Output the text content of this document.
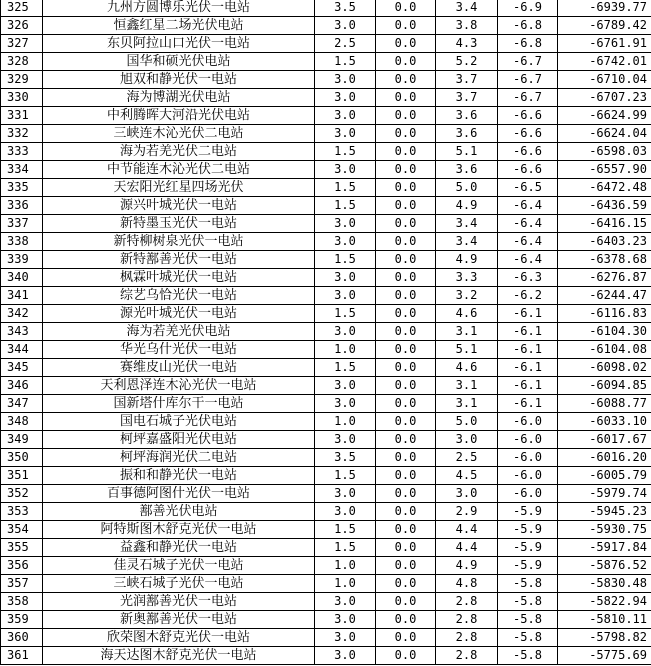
325	九州方圆博乐光伏一电站	3.5	0.0	3.4	-6.9	-6939.77
326	恒鑫红星二场光伏电站	3.0	0.0	3.8	-6.8	-6789.42
327	东贝阿拉山口光伏一电站	2.5	0.0	4.3	-6.8	-6761.91
328	国华和硕光伏电站	1.5	0.0	5.2	-6.7	-6742.01
329	旭双和静光伏一电站	3.0	0.0	3.7	-6.7	-6710.04
330	海为博湖光伏电站	3.0	0.0	3.7	-6.7	-6707.23
331	中利腾晖大河沿光伏电站	3.0	0.0	3.6	-6.6	-6624.99
332	三峡连木沁光伏二电站	3.0	0.0	3.6	-6.6	-6624.04
333	海为若羌光伏二电站	1.5	0.0	5.1	-6.6	-6598.03
334	中节能连木沁光伏二电站	3.0	0.0	3.6	-6.6	-6557.90
335	天宏阳光红星四场光伏	1.5	0.0	5.0	-6.5	-6472.48
336	源兴叶城光伏一电站	1.5	0.0	4.9	-6.4	-6436.59
337	新特墨玉光伏一电站	3.0	0.0	3.4	-6.4	-6416.15
338	新特柳树泉光伏一电站	3.0	0.0	3.4	-6.4	-6403.23
339	新特鄯善光伏一电站	1.5	0.0	4.9	-6.4	-6378.68
340	枫霖叶城光伏一电站	3.0	0.0	3.3	-6.3	-6276.87
341	综艺乌恰光伏一电站	3.0	0.0	3.2	-6.2	-6244.47
342	源光叶城光伏一电站	1.5	0.0	4.6	-6.1	-6116.83
343	海为若羌光伏电站	3.0	0.0	3.1	-6.1	-6104.30
344	华光乌什光伏一电站	1.0	0.0	5.1	-6.1	-6104.08
345	赛维皮山光伏一电站	1.5	0.0	4.6	-6.1	-6098.02
346	天利恩泽连木沁光伏一电站	3.0	0.0	3.1	-6.1	-6094.85
347	国新塔什库尔干一电站	3.0	0.0	3.1	-6.1	-6088.77
348	国电石城子光伏电站	1.0	0.0	5.0	-6.0	-6033.10
349	柯坪嘉盛阳光伏电站	3.0	0.0	3.0	-6.0	-6017.67
350	柯坪海润光伏二电站	3.5	0.0	2.5	-6.0	-6016.20
351	振和和静光伏一电站	1.5	0.0	4.5	-6.0	-6005.79
352	百事德阿图什光伏一电站	3.0	0.0	3.0	-6.0	-5979.74
353	鄯善光伏电站	3.0	0.0	2.9	-5.9	-5945.23
354	阿特斯图木舒克光伏一电站	1.5	0.0	4.4	-5.9	-5930.75
355	益鑫和静光伏一电站	1.5	0.0	4.4	-5.9	-5917.84
356	佳灵石城子光伏一电站	1.0	0.0	4.9	-5.9	-5876.52
357	三峡石城子光伏一电站	1.0	0.0	4.8	-5.8	-5830.48
358	光润鄯善光伏一电站	3.0	0.0	2.8	-5.8	-5822.94
359	新奥鄯善光伏一电站	3.0	0.0	2.8	-5.8	-5810.11
360	欣荣图木舒克光伏一电站	3.0	0.0	2.8	-5.8	-5798.82
361	海天达图木舒克光伏一电站	3.0	0.0	2.8	-5.8	-5775.69
